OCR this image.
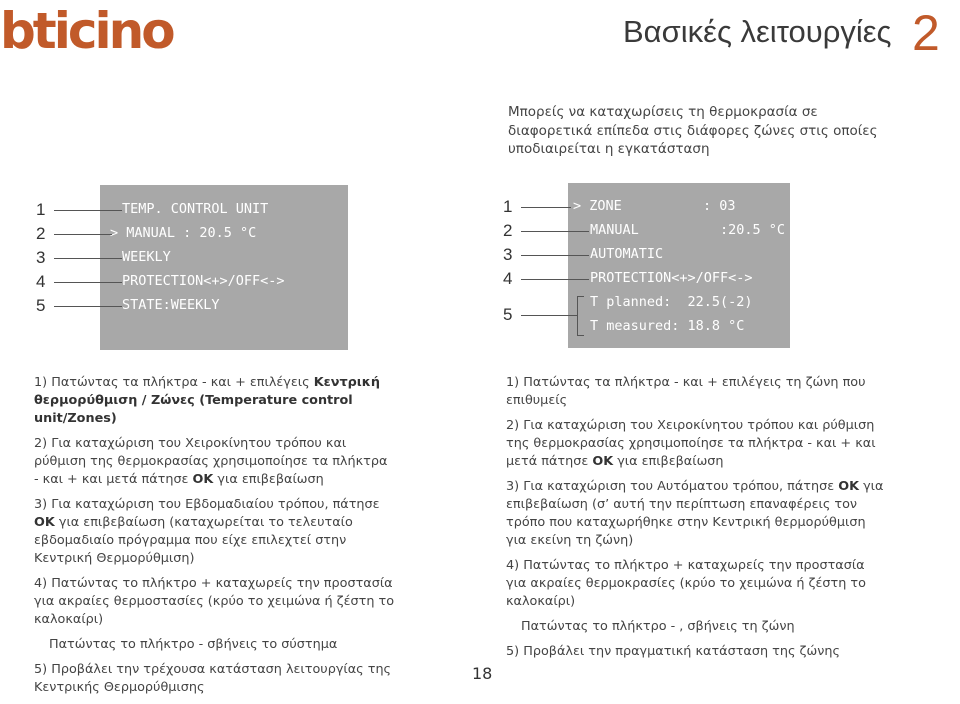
bticino	Βασικές λειτουργίες 2
Μπορείς να καταχωρίσεις τη θερμοκρασία σε διαφορετικά επίπεδα στις διάφορες ζώνες στις οποίες υποδιαιρείται η εγκατάσταση
TEMP. CONTROL UNIT
> MANUAL : 20.5 °C
WEEKLY
PROTECTION<+>/OFF<->
STATE:WEEKLY
1
2
3
4
5
> ZONE          : 03
MANUAL          :20.5 °C
AUTOMATIC
PROTECTION<+>/OFF<->
T planned:  22.5(-2)
T measured: 18.8 °C
1
2
3
4
5

1) Πατώντας τα πλήκτρα - και + επιλέγεις Κεντρική θερμορύθμιση / Ζώνες (Temperature control unit/Zones)

2) Για καταχώριση του Χειροκίνητου τρόπου και ρύθμιση της θερμοκρασίας χρησιμοποίησε τα πλήκτρα - και + και μετά πάτησε ΟΚ για επιβεβαίωση

3) Για καταχώριση του Εβδομαδιαίου τρόπου, πάτησε ΟΚ για επιβεβαίωση (καταχωρείται το τελευταίο εβδομαδιαίο πρόγραμμα που είχε επιλεχτεί στην Κεντρική Θερμορύθμιση)

4) Πατώντας το πλήκτρο + καταχωρείς την προστασία για ακραίες θερμοστασίες (κρύο το χειμώνα ή ζέστη το καλοκαίρι)

Πατώντας το πλήκτρο - σβήνεις το σύστημα

5) Προβάλει την τρέχουσα κατάσταση λειτουργίας της Κεντρικής Θερμορύθμισης

1) Πατώντας τα πλήκτρα - και + επιλέγεις τη ζώνη που επιθυμείς

2) Για καταχώριση του Χειροκίνητου τρόπου και ρύθμιση της θερμοκρασίας χρησιμοποίησε τα πλήκτρα - και + και μετά πάτησε ΟΚ για επιβεβαίωση

3) Για καταχώριση του Αυτόματου τρόπου, πάτησε ΟΚ για επιβεβαίωση (σ’ αυτή την περίπτωση επαναφέρεις τον τρόπο που καταχωρήθηκε στην Κεντρική θερμορύθμιση για εκείνη τη ζώνη)

4) Πατώντας το πλήκτρο + καταχωρείς την προστασία για ακραίες θερμοκρασίες (κρύο το χειμώνα ή ζέστη το καλοκαίρι)

Πατώντας το πλήκτρο - , σβήνεις τη ζώνη

5) Προβάλει την πραγματική κατάσταση της ζώνης

18
